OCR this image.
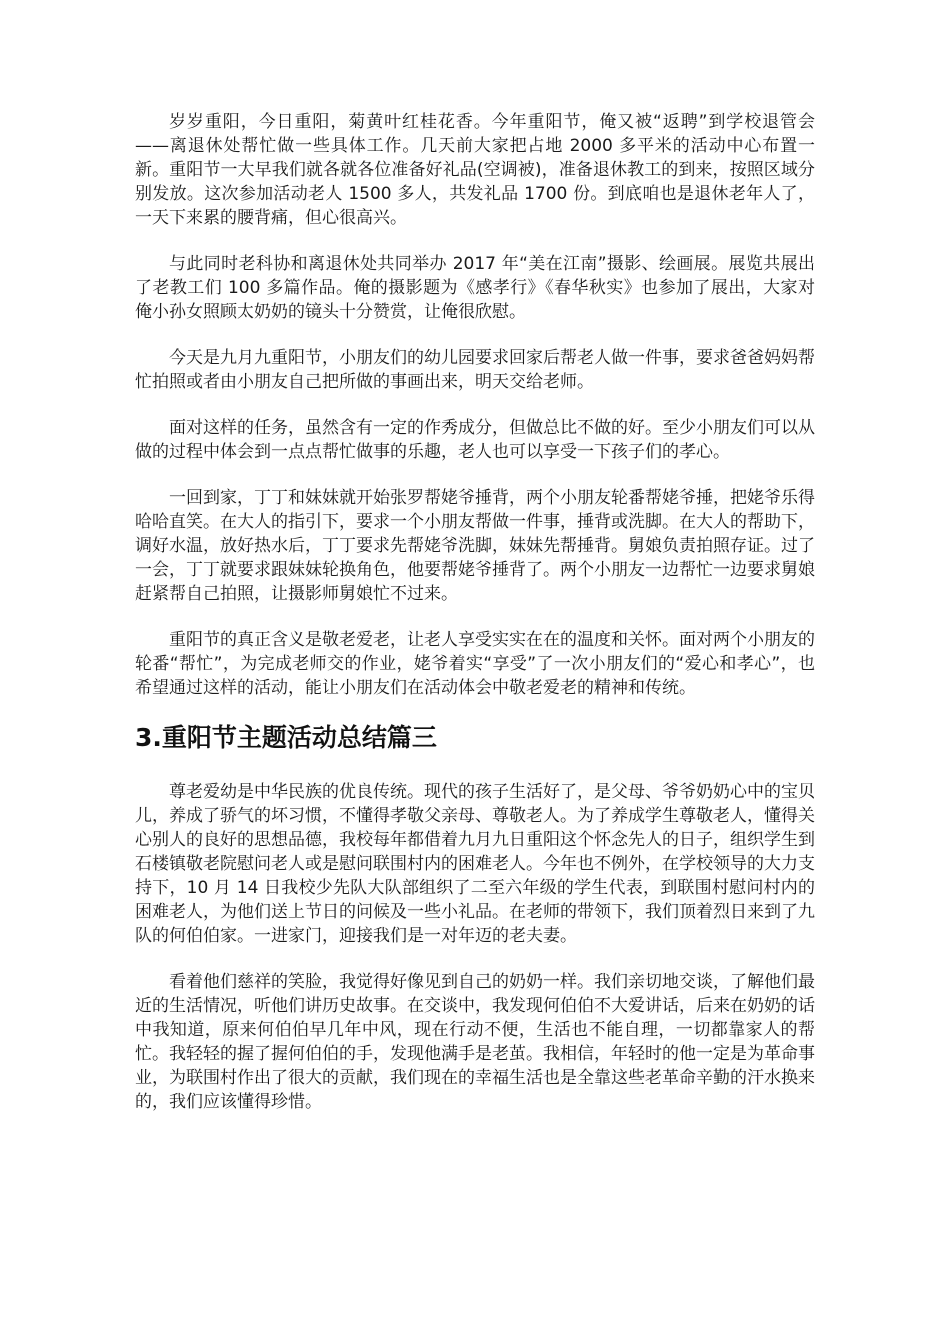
岁岁重阳，今日重阳，菊黄叶红桂花香。今年重阳节，俺又被“返聘”到学校退管会——离退休处帮忙做一些具体工作。几天前大家把占地 2000 多平米的活动中心布置一新。重阳节一大早我们就各就各位准备好礼品(空调被)，准备退休教工的到来，按照区域分别发放。这次参加活动老人 1500 多人，共发礼品 1700 份。到底咱也是退休老年人了，一天下来累的腰背痛，但心很高兴。

与此同时老科协和离退休处共同举办 2017 年“美在江南”摄影、绘画展。展览共展出了老教工们 100 多篇作品。俺的摄影题为《感孝行》《春华秋实》也参加了展出，大家对俺小孙女照顾太奶奶的镜头十分赞赏，让俺很欣慰。

今天是九月九重阳节，小朋友们的幼儿园要求回家后帮老人做一件事，要求爸爸妈妈帮忙拍照或者由小朋友自己把所做的事画出来，明天交给老师。

面对这样的任务，虽然含有一定的作秀成分，但做总比不做的好。至少小朋友们可以从做的过程中体会到一点点帮忙做事的乐趣，老人也可以享受一下孩子们的孝心。

一回到家，丁丁和妹妹就开始张罗帮姥爷捶背，两个小朋友轮番帮姥爷捶，把姥爷乐得哈哈直笑。在大人的指引下，要求一个小朋友帮做一件事，捶背或洗脚。在大人的帮助下，调好水温，放好热水后，丁丁要求先帮姥爷洗脚，妹妹先帮捶背。舅娘负责拍照存证。过了一会，丁丁就要求跟妹妹轮换角色，他要帮姥爷捶背了。两个小朋友一边帮忙一边要求舅娘赶紧帮自己拍照，让摄影师舅娘忙不过来。

重阳节的真正含义是敬老爱老，让老人享受实实在在的温度和关怀。面对两个小朋友的轮番“帮忙”，为完成老师交的作业，姥爷着实“享受”了一次小朋友们的“爱心和孝心”，也希望通过这样的活动，能让小朋友们在活动体会中敬老爱老的精神和传统。

3.重阳节主题活动总结篇三

尊老爱幼是中华民族的优良传统。现代的孩子生活好了，是父母、爷爷奶奶心中的宝贝儿，养成了骄气的坏习惯，不懂得孝敬父亲母、尊敬老人。为了养成学生尊敬老人，懂得关心别人的良好的思想品德，我校每年都借着九月九日重阳这个怀念先人的日子，组织学生到石楼镇敬老院慰问老人或是慰问联围村内的困难老人。今年也不例外，在学校领导的大力支持下，10 月 14 日我校少先队大队部组织了二至六年级的学生代表，到联围村慰问村内的困难老人，为他们送上节日的问候及一些小礼品。在老师的带领下，我们顶着烈日来到了九队的何伯伯家。一进家门，迎接我们是一对年迈的老夫妻。

看着他们慈祥的笑脸，我觉得好像见到自己的奶奶一样。我们亲切地交谈，了解他们最近的生活情况，听他们讲历史故事。在交谈中，我发现何伯伯不大爱讲话，后来在奶奶的话中我知道，原来何伯伯早几年中风，现在行动不便，生活也不能自理，一切都靠家人的帮忙。我轻轻的握了握何伯伯的手，发现他满手是老茧。我相信，年轻时的他一定是为革命事业，为联围村作出了很大的贡献，我们现在的幸福生活也是全靠这些老革命辛勤的汗水换来的，我们应该懂得珍惜。
